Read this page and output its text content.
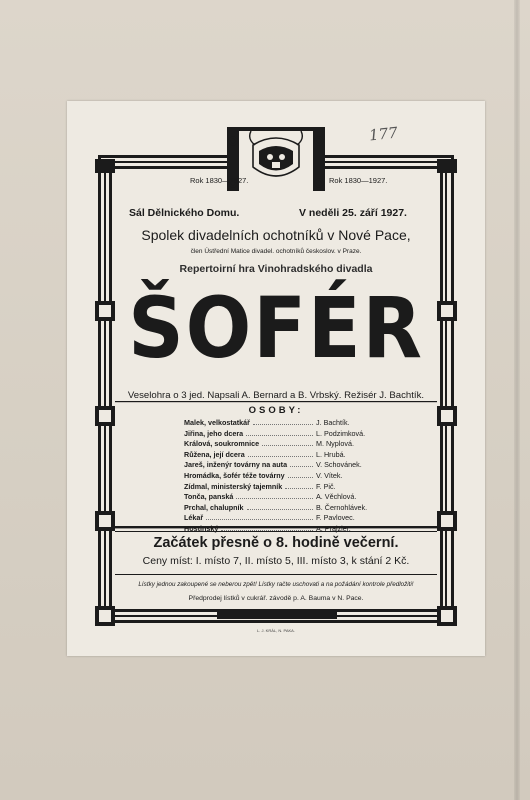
177
Rok 1830—1927.	Rok 1830—1927.
Sál Dělnického Domu.	V neděli 25. září 1927.
Spolek divadelních ochotníků v Nové Pace,
člen Ústřední Matice divadel. ochotníků českoslov. v Praze.
Repertoirní hra Vinohradského divadla
ŠOFÉR
Veselohra o 3 jed. Napsali A. Bernard a B. Vrbský. Režisér J. Bachtík.
OSOBY:
Malek, velkostatkář	J. Bachtík.
Jiřina, jeho dcera	L. Podzimková.
Králová, soukromnice	M. Nyplová.
Růžena, její dcera	L. Hrubá.
Jareš, inženýr továrny na auta	V. Schovánek.
Hromádka, šofér téže továrny	V. Vítek.
Zídmal, ministerský tajemník	F. Pič.
Tonča, panská	A. Věchlová.
Prchal, chalupník	B. Černohlávek.
Lékař	F. Pavlovec.
Hostinský	A. Prajzler.
Začátek přesně o 8. hodině večerní.
Ceny míst: I. místo 7, II. místo 5, III. místo 3, k stání 2 Kč.
Lístky jednou zakoupené se neberou zpět! Lístky račte uschovati a na požádání kontrole předložiti!
Předprodej lístků v cukrář. závodě p. A. Bauma v N. Pace.
L. J. KRÁL, N. PAKA.
